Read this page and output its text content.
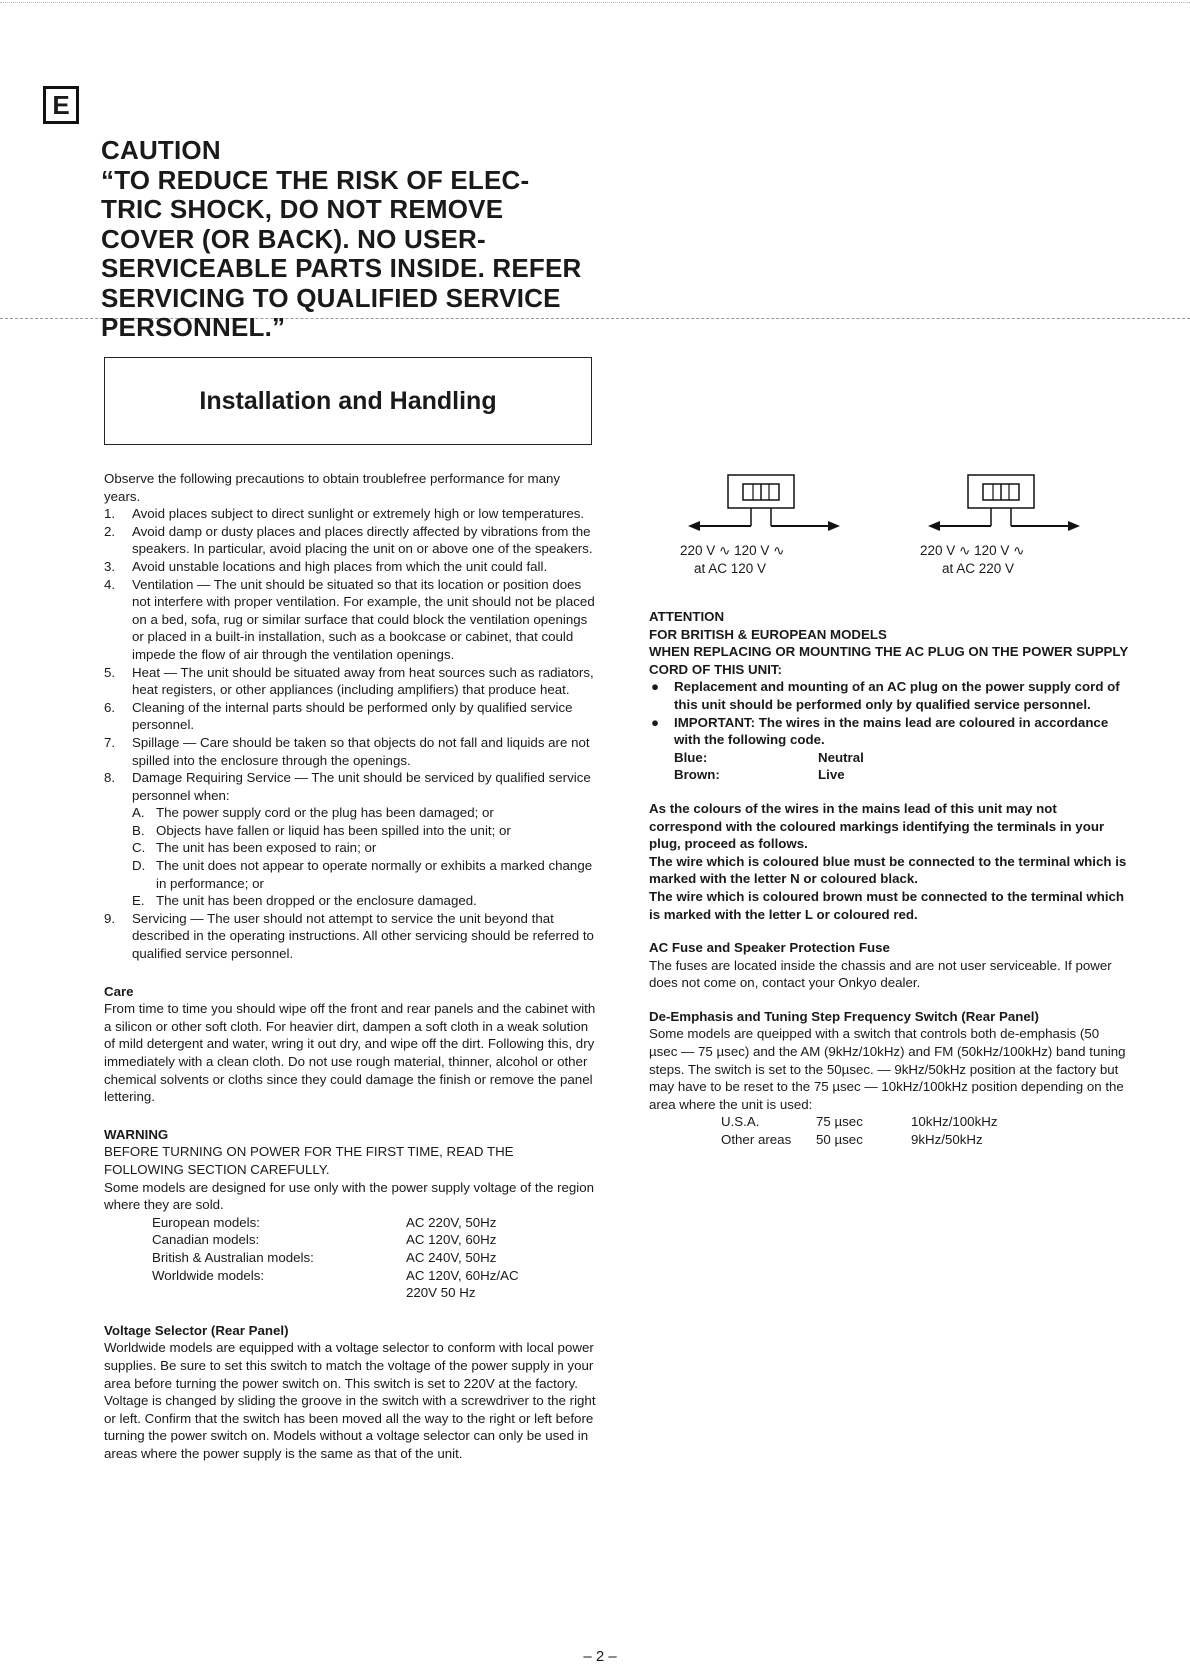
E
CAUTION
“TO REDUCE THE RISK OF ELEC-
TRIC SHOCK, DO NOT REMOVE
COVER (OR BACK). NO USER-
SERVICEABLE PARTS INSIDE. REFER
SERVICING TO QUALIFIED SERVICE
PERSONNEL.”
Installation and Handling

Observe the following precautions to obtain troublefree performance for many years.

1. Avoid places subject to direct sunlight or extremely high or low temperatures.
2. Avoid damp or dusty places and places directly affected by vibrations from the speakers. In particular, avoid placing the unit on or above one of the speakers.
3. Avoid unstable locations and high places from which the unit could fall.
4. Ventilation — The unit should be situated so that its location or position does not interfere with proper ventilation. For example, the unit should not be placed on a bed, sofa, rug or similar surface that could block the ventilation openings or placed in a built-in installation, such as a bookcase or cabinet, that could impede the flow of air through the ventilation openings.
5. Heat — The unit should be situated away from heat sources such as radiators, heat registers, or other appliances (including amplifiers) that produce heat.
6. Cleaning of the internal parts should be performed only by qualified service personnel.
7. Spillage — Care should be taken so that objects do not fall and liquids are not spilled into the enclosure through the openings.
8. Damage Requiring Service — The unit should be serviced by qualified service personnel when:
A. The power supply cord or the plug has been damaged; or
B. Objects have fallen or liquid has been spilled into the unit; or
C. The unit has been exposed to rain; or
D. The unit does not appear to operate normally or exhibits a marked change in performance; or
E. The unit has been dropped or the enclosure damaged.
9. Servicing — The user should not attempt to service the unit beyond that described in the operating instructions. All other servicing should be referred to qualified service personnel.

Care

From time to time you should wipe off the front and rear panels and the cabinet with a silicon or other soft cloth. For heavier dirt, dampen a soft cloth in a weak solution of mild detergent and water, wring it out dry, and wipe off the dirt. Following this, dry immediately with a clean cloth. Do not use rough material, thinner, alcohol or other chemical solvents or cloths since they could damage the finish or remove the panel lettering.

WARNING

BEFORE TURNING ON POWER FOR THE FIRST TIME, READ THE FOLLOWING SECTION CAREFULLY.

Some models are designed for use only with the power supply voltage of the region where they are sold.

European models:	AC 220V, 50Hz
Canadian models:	AC 120V, 60Hz
British & Australian models:	AC 240V, 50Hz
Worldwide models:	AC 120V, 60Hz/AC
220V 50 Hz

Voltage Selector (Rear Panel)

Worldwide models are equipped with a voltage selector to conform with local power supplies. Be sure to set this switch to match the voltage of the power supply in your area before turning the power switch on. This switch is set to 220V at the factory. Voltage is changed by sliding the groove in the switch with a screwdriver to the right or left. Confirm that the switch has been moved all the way to the right or left before turning the power switch on. Models without a voltage selector can only be used in areas where the power supply is the same as that of the unit.

220 V ∿ 120 V ∿
at AC 120 V
220 V ∿ 120 V ∿
at AC 220 V

ATTENTION

FOR BRITISH & EUROPEAN MODELS

WHEN REPLACING OR MOUNTING THE AC PLUG ON THE POWER SUPPLY CORD OF THIS UNIT:

● Replacement and mounting of an AC plug on the power supply cord of this unit should be performed only by qualified service personnel.
● IMPORTANT: The wires in the mains lead are coloured in accordance with the following code.
Blue:	Neutral
Brown:	Live

As the colours of the wires in the mains lead of this unit may not correspond with the coloured markings identifying the terminals in your plug, proceed as follows.

The wire which is coloured blue must be connected to the terminal which is marked with the letter N or coloured black.

The wire which is coloured brown must be connected to the terminal which is marked with the letter L or coloured red.

AC Fuse and Speaker Protection Fuse

The fuses are located inside the chassis and are not user serviceable. If power does not come on, contact your Onkyo dealer.

De-Emphasis and Tuning Step Frequency Switch (Rear Panel)

Some models are queipped with a switch that controls both de-emphasis (50 µsec — 75 µsec) and the AM (9kHz/10kHz) and FM (50kHz/100kHz) band tuning steps. The switch is set to the 50µsec. — 9kHz/50kHz position at the factory but may have to be reset to the 75 µsec — 10kHz/100kHz position depending on the area where the unit is used:

U.S.A.	75 µsec	10kHz/100kHz
Other areas	50 µsec	9kHz/50kHz
– 2 –
